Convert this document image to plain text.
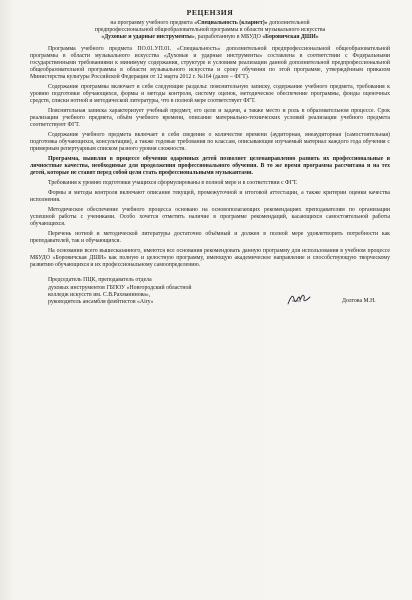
РЕЦЕНЗИЯ
на программу учебного предмета «Специальность (кларнет)» дополнительной
предпрофессиональной общеобразовательной программы в области музыкального искусства
«Духовые и ударные инструменты», разработанную в МБУДО «Боровичская ДШИ»

Программа учебного предмета ПО.01.УП.01. «Специальность» дополнительной предпрофессиональной общеобразовательной программы в области музыкального искусства «Духовые и ударные инструменты» составлена в соответствии с Федеральными государственными требованиями к минимуму содержания, структуре и условиям реализации данной дополнительной предпрофессиональной общеобразовательной программы в области музыкального искусства и сроку обучения по этой программе, утверждённым приказом Министерства культуры Российской Федерации от 12 марта 2012 г. №164 (далее – ФГТ).

Содержание программы включает в себя следующие разделы: пояснительную записку, содержание учебного предмета, требования к уровню подготовки обучающихся, формы и методы контроля, систему оценок, методическое обеспечение программы, фонды оценочных средств, списки нотной и методической литературы, что в полной мере соответствует ФГТ.

Пояснительная записка характеризует учебный предмет, его цели и задачи, а также место и роль в образовательном процессе. Срок реализации учебного предмета, объём учебного времени, описание материально-технических условий реализации учебного предмета соответствуют ФГТ.

Содержание учебного предмета включает в себя сведения о количестве времени (аудиторная, внеаудиторная (самостоятельная) подготовка обучающихся, консультации), а также годовые требования по классам, описывающие изучаемый материал каждого года обучения с примерным репертуарным списком разного уровня сложности.

Программа, выявляя в процессе обучения одаренных детей позволяет целенаправленно развить их профессиональные и личностные качества, необходимые для продолжения профессионального обучения. В то же время программа рассчитана и на тех детей, которые не ставят перед собой цели стать профессиональными музыкантами.

Требования к уровню подготовки учащихся сформулированы в полной мере и в соответствии с ФГТ.

Формы и методы контроля включают описание текущей, промежуточной и итоговой аттестации, а также критерии оценки качества исполнения.

Методическое обеспечение учебного процесса основано на основополагающих рекомендациях преподавателям по организации успешной работы с учениками. Особо хочется отметить наличие в программе рекомендаций, касающихся самостоятельной работы обучающихся.

Перечень нотной и методической литературы достаточно объёмный и должен в полной мере удовлетворить потребности как преподавателей, так и обучающихся.

На основании всего вышесказанного, имеются все основания рекомендовать данную программу для использования в учебном процессе МБУДО «Боровичская ДШИ» как полную и целостную программу, имеющую академическое направление и способствующую творческому развитию обучающихся и их профессиональному самоопределению.

Председатель ПЦК, преподаватель отдела
духовых инструментов ГБПОУ «Новгородский областной
колледж искусств им. С.В.Рахманинова»,
руководитель ансамбля флейтистов «Airy»	Долгова М.Н.
